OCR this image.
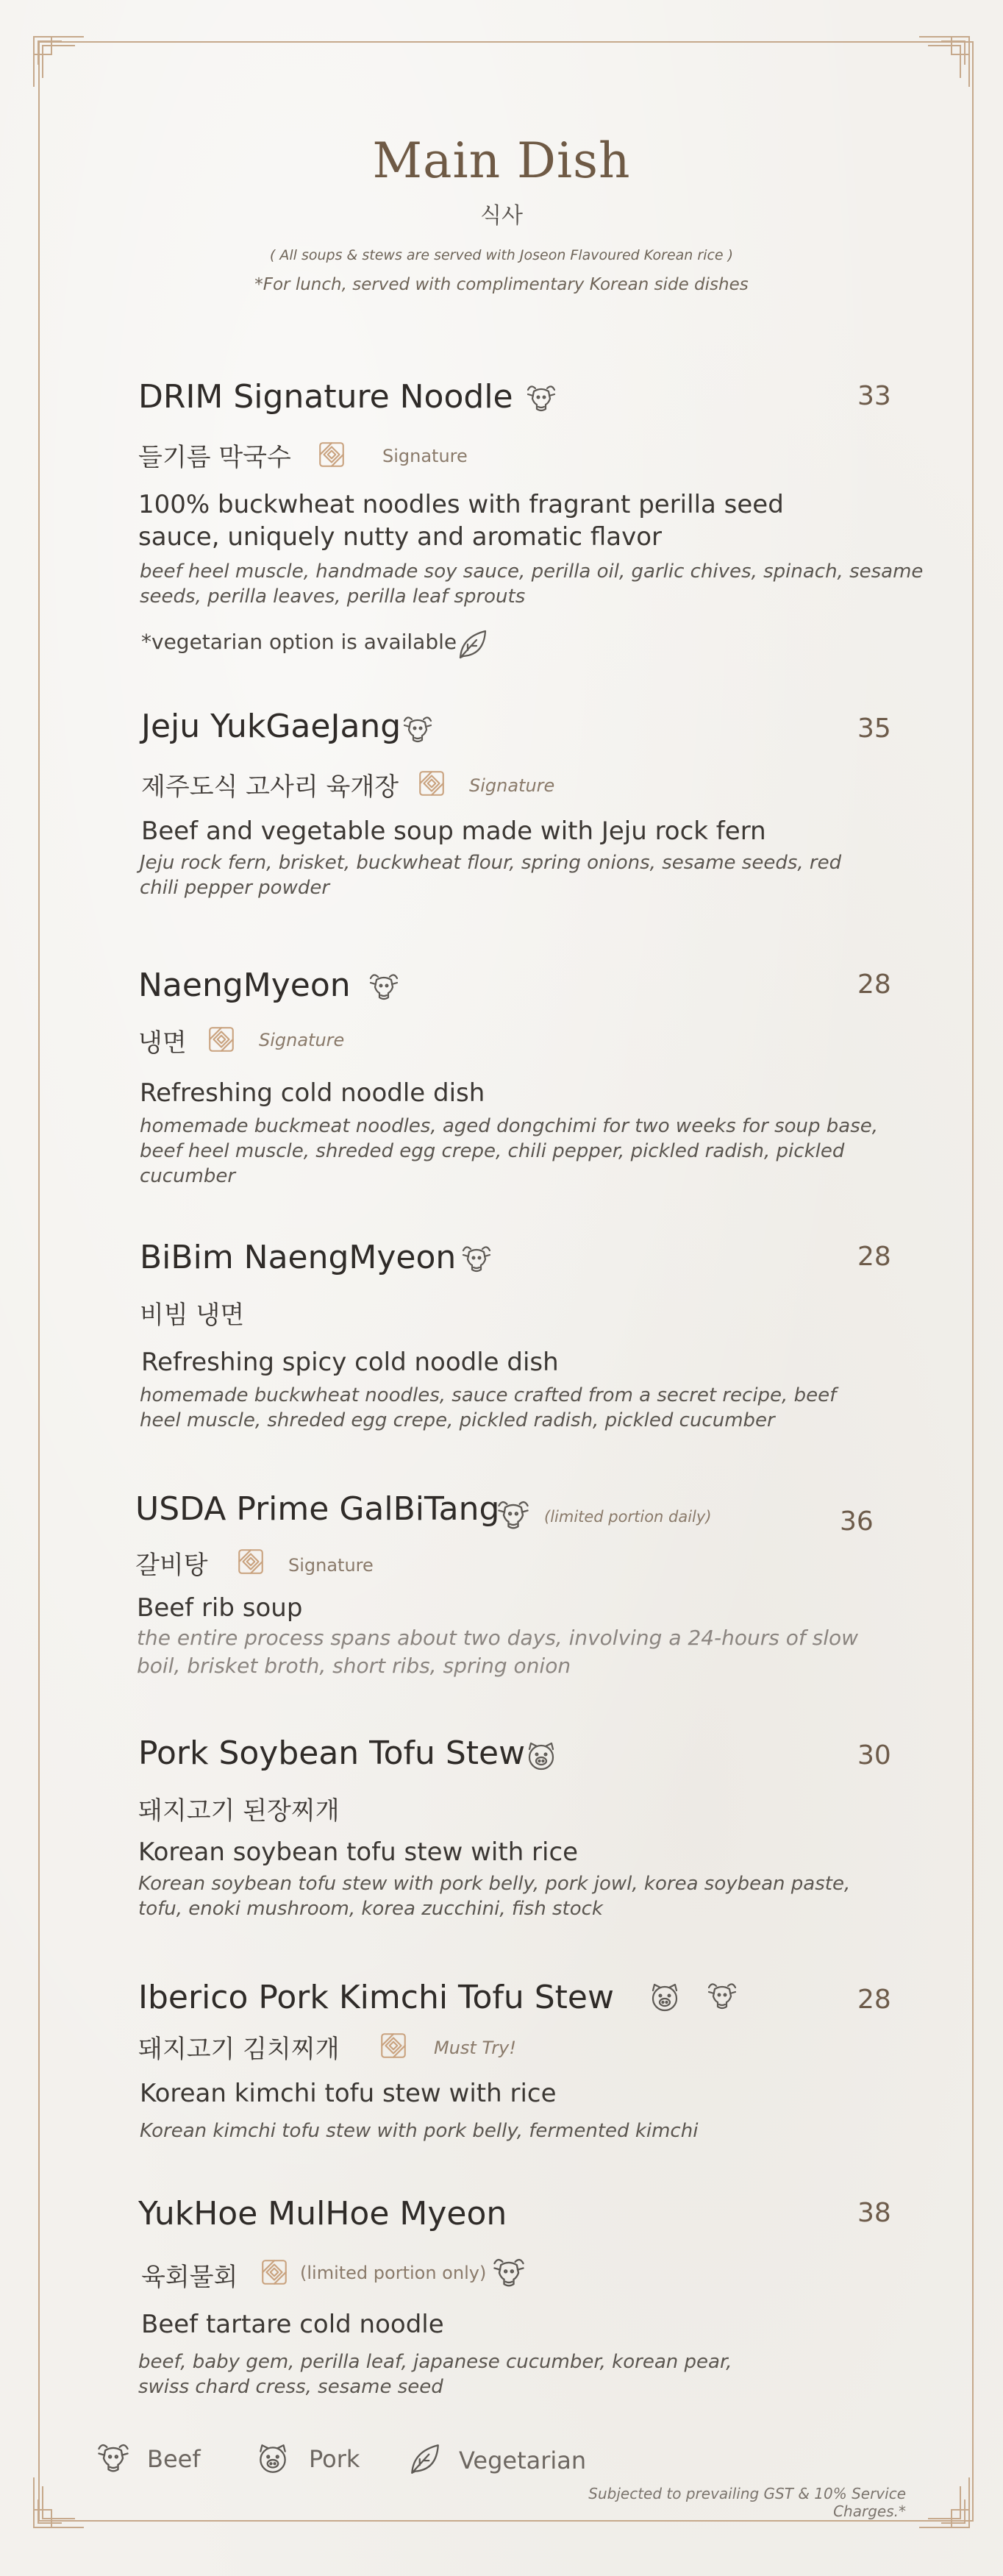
Main Dish
식사
( All soups & stews are served with Joseon Flavoured Korean rice )
*For lunch, served with complimentary Korean side dishes
DRIM Signature Noodle	33
들기름 막국수	Signature
100% buckwheat noodles with fragrant perilla seed sauce, uniquely nutty and aromatic flavor
beef heel muscle, handmade soy sauce, perilla oil, garlic chives, spinach, sesame seeds, perilla leaves, perilla leaf sprouts
*vegetarian option is available
Jeju YukGaeJang	35
제주도식 고사리 육개장	Signature
Beef and vegetable soup made with Jeju rock fern
Jeju rock fern, brisket, buckwheat flour, spring onions, sesame seeds, red chili pepper powder
NaengMyeon	28
냉면	Signature
Refreshing cold noodle dish
homemade buckmeat noodles, aged dongchimi for two weeks for soup base, beef heel muscle, shreded egg crepe, chili pepper, pickled radish, pickled cucumber
BiBim NaengMyeon	28
비빔 냉면
Refreshing spicy cold noodle dish
homemade buckwheat noodles, sauce crafted from a secret recipe, beef heel muscle, shreded egg crepe, pickled radish, pickled cucumber
USDA Prime GalBiTang	(limited portion daily)	36
갈비탕	Signature
Beef rib soup
the entire process spans about two days, involving a 24-hours of slow boil, brisket broth, short ribs, spring onion
Pork Soybean Tofu Stew	30
돼지고기 된장찌개
Korean soybean tofu stew with rice
Korean soybean tofu stew with pork belly, pork jowl, korea soybean paste, tofu, enoki mushroom, korea zucchini, fish stock
Iberico Pork Kimchi Tofu Stew	28
돼지고기 김치찌개	Must Try!
Korean kimchi tofu stew with rice
Korean kimchi tofu stew with pork belly, fermented kimchi
YukHoe MulHoe Myeon	38
육회물회	(limited portion only)
Beef tartare cold noodle
beef, baby gem, perilla leaf, japanese cucumber, korean pear, swiss chard cress, sesame seed
Beef	Pork	Vegetarian
Subjected to prevailing GST & 10% Service Charges.*
